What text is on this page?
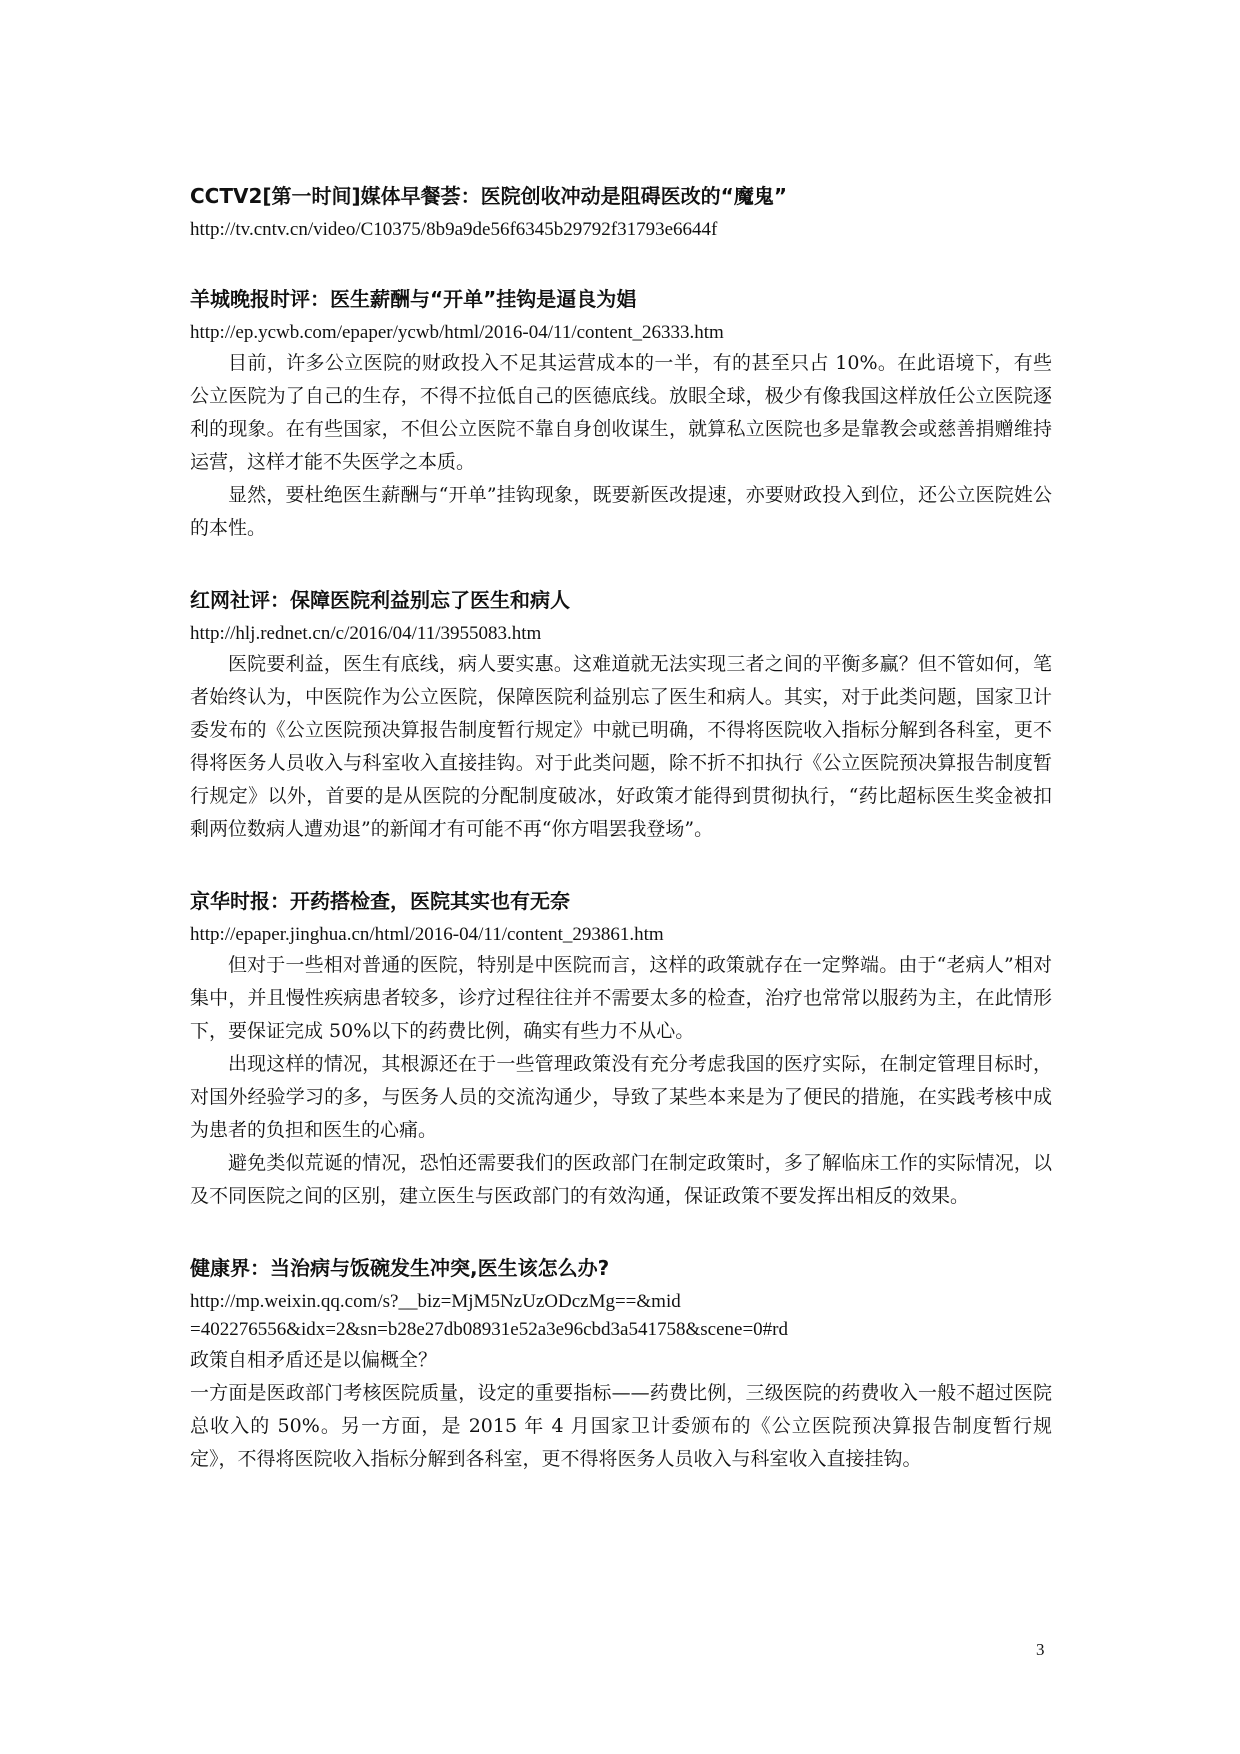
CCTV2[第一时间]媒体早餐荟：医院创收冲动是阻碍医改的“魔鬼”
http://tv.cntv.cn/video/C10375/8b9a9de56f6345b29792f31793e6644f
羊城晚报时评：医生薪酬与“开单”挂钩是逼良为娼
http://ep.ycwb.com/epaper/ycwb/html/2016-04/11/content_26333.htm

目前，许多公立医院的财政投入不足其运营成本的一半，有的甚至只占 10%。在此语境下，有些公立医院为了自己的生存，不得不拉低自己的医德底线。放眼全球，极少有像我国这样放任公立医院逐利的现象。在有些国家，不但公立医院不靠自身创收谋生，就算私立医院也多是靠教会或慈善捐赠维持运营，这样才能不失医学之本质。

显然，要杜绝医生薪酬与“开单”挂钩现象，既要新医改提速，亦要财政投入到位，还公立医院姓公的本性。

红网社评：保障医院利益别忘了医生和病人
http://hlj.rednet.cn/c/2016/04/11/3955083.htm

医院要利益，医生有底线，病人要实惠。这难道就无法实现三者之间的平衡多赢？但不管如何，笔者始终认为，中医院作为公立医院，保障医院利益别忘了医生和病人。其实，对于此类问题，国家卫计委发布的《公立医院预决算报告制度暂行规定》中就已明确，不得将医院收入指标分解到各科室，更不得将医务人员收入与科室收入直接挂钩。对于此类问题，除不折不扣执行《公立医院预决算报告制度暂行规定》以外，首要的是从医院的分配制度破冰，好政策才能得到贯彻执行，“药比超标医生奖金被扣剩两位数病人遭劝退”的新闻才有可能不再“你方唱罢我登场”。

京华时报：开药搭检查，医院其实也有无奈
http://epaper.jinghua.cn/html/2016-04/11/content_293861.htm

但对于一些相对普通的医院，特别是中医院而言，这样的政策就存在一定弊端。由于“老病人”相对集中，并且慢性疾病患者较多，诊疗过程往往并不需要太多的检查，治疗也常常以服药为主，在此情形下，要保证完成 50%以下的药费比例，确实有些力不从心。

出现这样的情况，其根源还在于一些管理政策没有充分考虑我国的医疗实际，在制定管理目标时，对国外经验学习的多，与医务人员的交流沟通少，导致了某些本来是为了便民的措施，在实践考核中成为患者的负担和医生的心痛。

避免类似荒诞的情况，恐怕还需要我们的医政部门在制定政策时，多了解临床工作的实际情况，以及不同医院之间的区别，建立医生与医政部门的有效沟通，保证政策不要发挥出相反的效果。

健康界：当治病与饭碗发生冲突,医生该怎么办?
http://mp.weixin.qq.com/s?__biz=MjM5NzUzODczMg==&mid
=402276556&idx=2&sn=b28e27db08931e52a3e96cbd3a541758&scene=0#rd

政策自相矛盾还是以偏概全？

一方面是医政部门考核医院质量，设定的重要指标——药费比例，三级医院的药费收入一般不超过医院总收入的 50%。另一方面，是 2015 年 4 月国家卫计委颁布的《公立医院预决算报告制度暂行规定》，不得将医院收入指标分解到各科室，更不得将医务人员收入与科室收入直接挂钩。

3
